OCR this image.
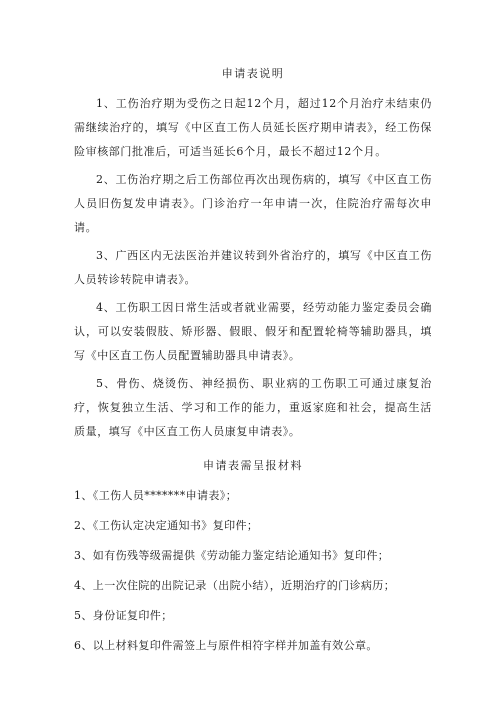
申请表说明

1、工伤治疗期为受伤之日起12个月，超过12个月治疗未结束仍需继续治疗的，填写《中区直工伤人员延长医疗期申请表》，经工伤保险审核部门批准后，可适当延长6个月，最长不超过12个月。

2、工伤治疗期之后工伤部位再次出现伤病的，填写《中区直工伤人员旧伤复发申请表》。门诊治疗一年申请一次，住院治疗需每次申请。

3、广西区内无法医治并建议转到外省治疗的，填写《中区直工伤人员转诊转院申请表》。

4、工伤职工因日常生活或者就业需要，经劳动能力鉴定委员会确认，可以安装假肢、矫形器、假眼、假牙和配置轮椅等辅助器具，填写《中区直工伤人员配置辅助器具申请表》。

5、骨伤、烧烫伤、神经损伤、职业病的工伤职工可通过康复治疗，恢复独立生活、学习和工作的能力，重返家庭和社会，提高生活质量，填写《中区直工伤人员康复申请表》。

申请表需呈报材料
1、《工伤人员*******申请表》；
2、《工伤认定决定通知书》复印件；
3、如有伤残等级需提供《劳动能力鉴定结论通知书》复印件；
4、上一次住院的出院记录（出院小结），近期治疗的门诊病历；
5、身份证复印件；
6、以上材料复印件需签上与原件相符字样并加盖有效公章。
